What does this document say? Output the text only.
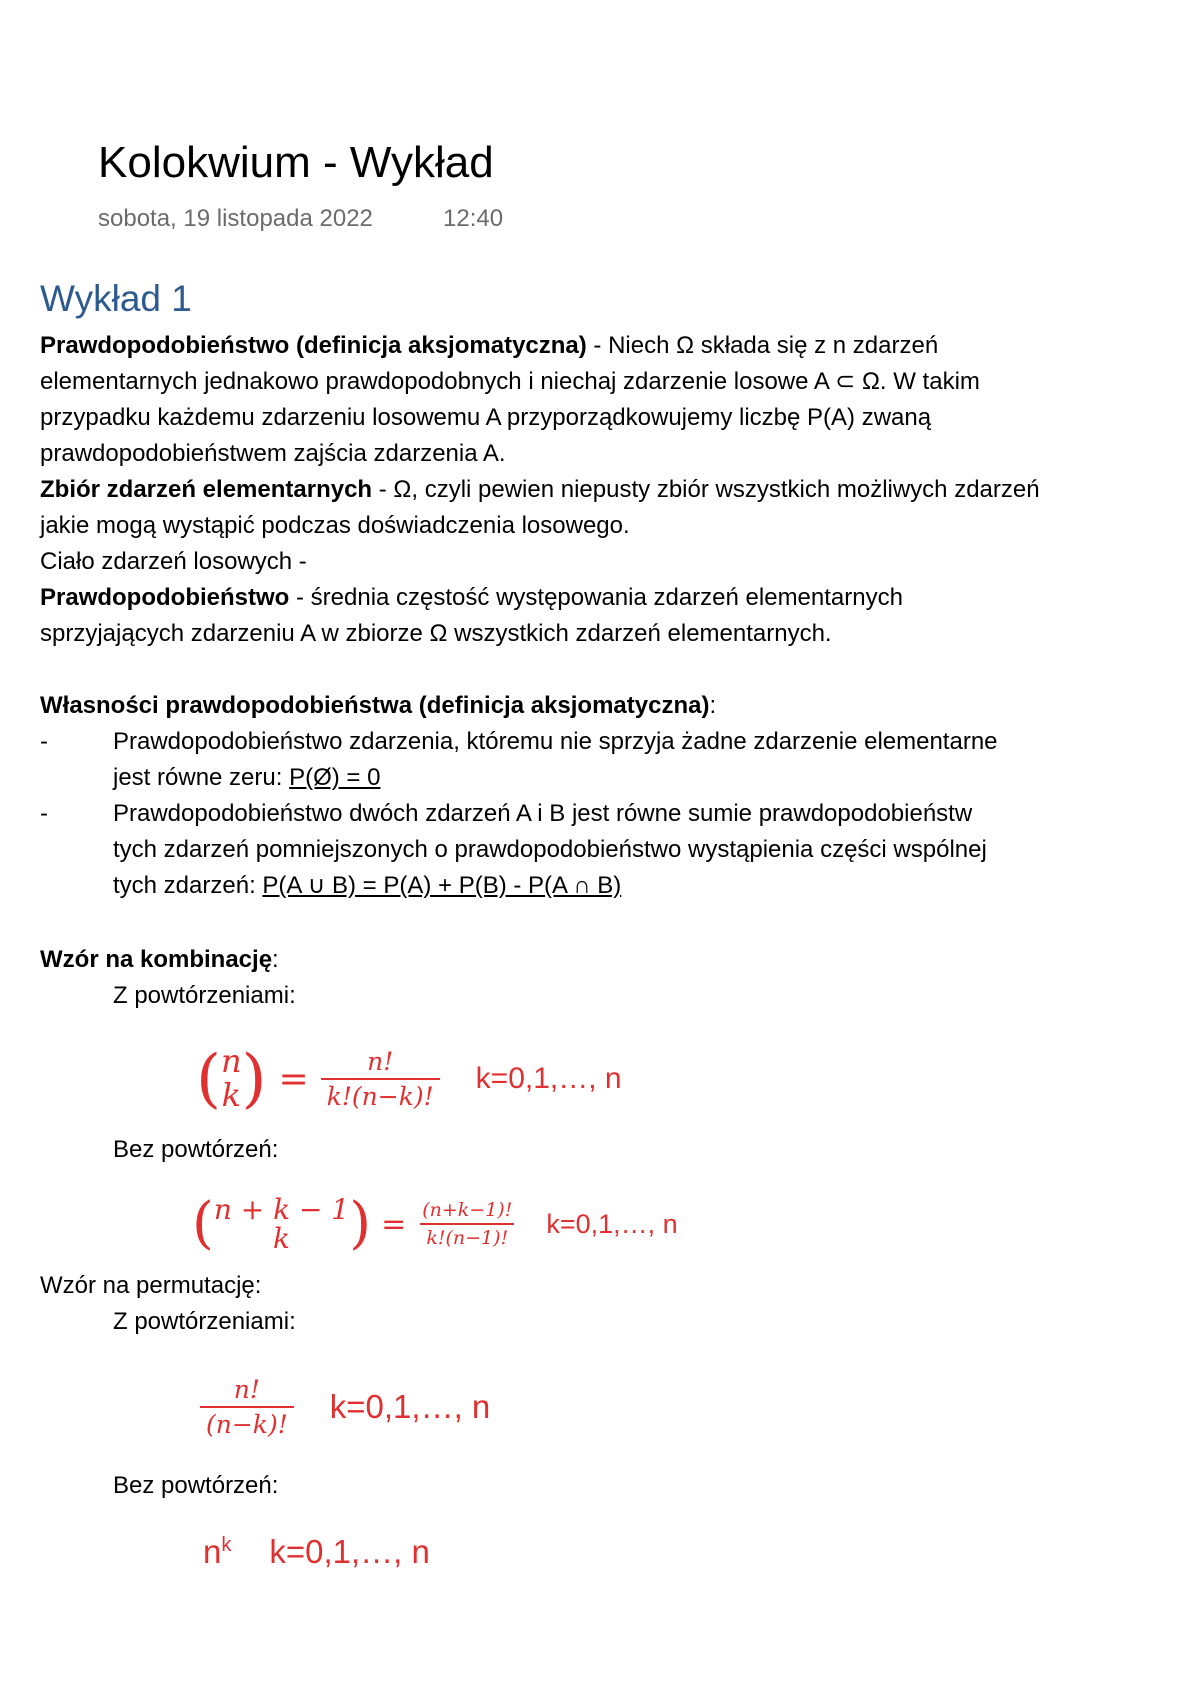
Kolokwium - Wykład
sobota, 19 listopada 2022	12:40
Wykład 1
Prawdopodobieństwo (definicja aksjomatyczna) - Niech Ω składa się z n zdarzeń
elementarnych jednakowo prawdopodobnych i niechaj zdarzenie losowe A ⊂ Ω. W takim
przypadku każdemu zdarzeniu losowemu A przyporządkowujemy liczbę P(A) zwaną
prawdopodobieństwem zajścia zdarzenia A.
Zbiór zdarzeń elementarnych - Ω, czyli pewien niepusty zbiór wszystkich możliwych zdarzeń
jakie mogą wystąpić podczas doświadczenia losowego.
Ciało zdarzeń losowych -
Prawdopodobieństwo - średnia częstość występowania zdarzeń elementarnych
sprzyjających zdarzeniu A w zbiorze Ω wszystkich zdarzeń elementarnych.
Własności prawdopodobieństwa (definicja aksjomatyczna):
-	Prawdopodobieństwo zdarzenia, któremu nie sprzyja żadne zdarzenie elementarne
jest równe zeru: P(Ø) = 0
-	Prawdopodobieństwo dwóch zdarzeń A i B jest równe sumie prawdopodobieństw
tych zdarzeń pomniejszonych o prawdopodobieństwo wystąpienia części wspólnej
tych zdarzeń: P(A ∪ B) = P(A) + P(B) - P(A ∩ B)
Wzór na kombinację:
Z powtórzeniami:
( n
k ) = $\frac{n!}{k!(n-k)!}$ k=0,1,…, n
Bez powtórzeń:
( n + k − 1
k ) = $\frac{(n+k-1)!}{k!(n-1)!}$ k=0,1,…, n
Wzór na permutację:
Z powtórzeniami:
$\frac{n!}{(n-k)!}$ k=0,1,…, n
Bez powtórzeń:
$n^k$ k=0,1,…, n
